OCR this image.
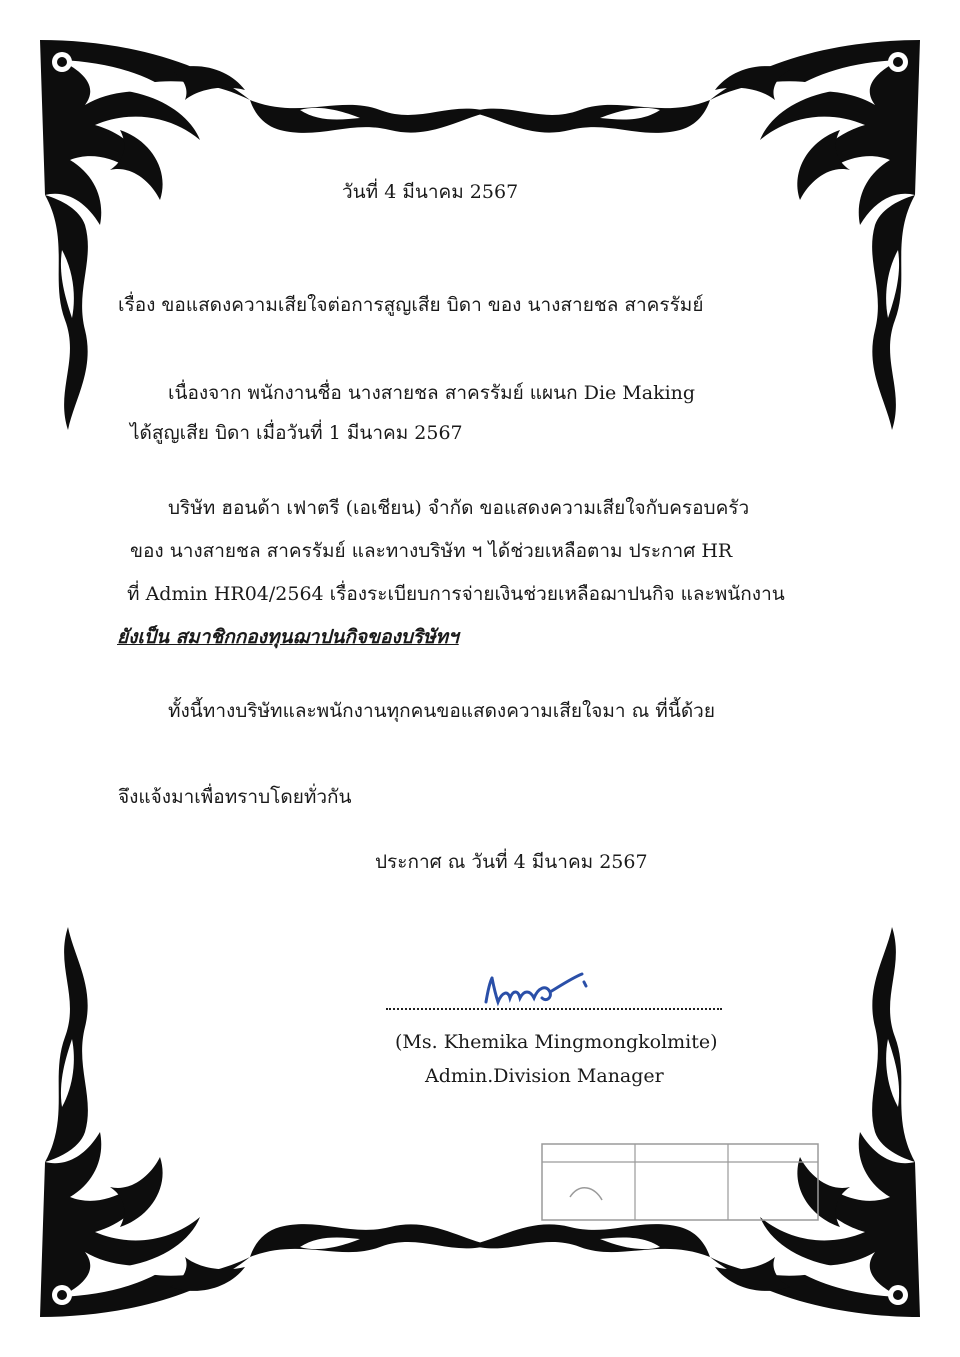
วันที่ 4 มีนาคม 2567
เรื่อง ขอแสดงความเสียใจต่อการสูญเสีย บิดา ของ นางสายชล สาครรัมย์
เนื่องจาก พนักงานชื่อ นางสายชล สาครรัมย์ แผนก Die Making
ได้สูญเสีย บิดา เมื่อวันที่ 1 มีนาคม 2567
บริษัท ฮอนด้า เฟาตรี (เอเชียน) จำกัด ขอแสดงความเสียใจกับครอบครัว
ของ นางสายชล สาครรัมย์ และทางบริษัท ฯ ได้ช่วยเหลือตาม ประกาศ HR
ที่ Admin HR04/2564 เรื่องระเบียบการจ่ายเงินช่วยเหลือฌาปนกิจ และพนักงาน
ยังเป็น สมาชิกกองทุนฌาปนกิจของบริษัทฯ
ทั้งนี้ทางบริษัทและพนักงานทุกคนขอแสดงความเสียใจมา ณ ที่นี้ด้วย
จึงแจ้งมาเพื่อทราบโดยทั่วกัน
ประกาศ ณ วันที่ 4 มีนาคม 2567
(Ms. Khemika Mingmongkolmite)
Admin.Division Manager
